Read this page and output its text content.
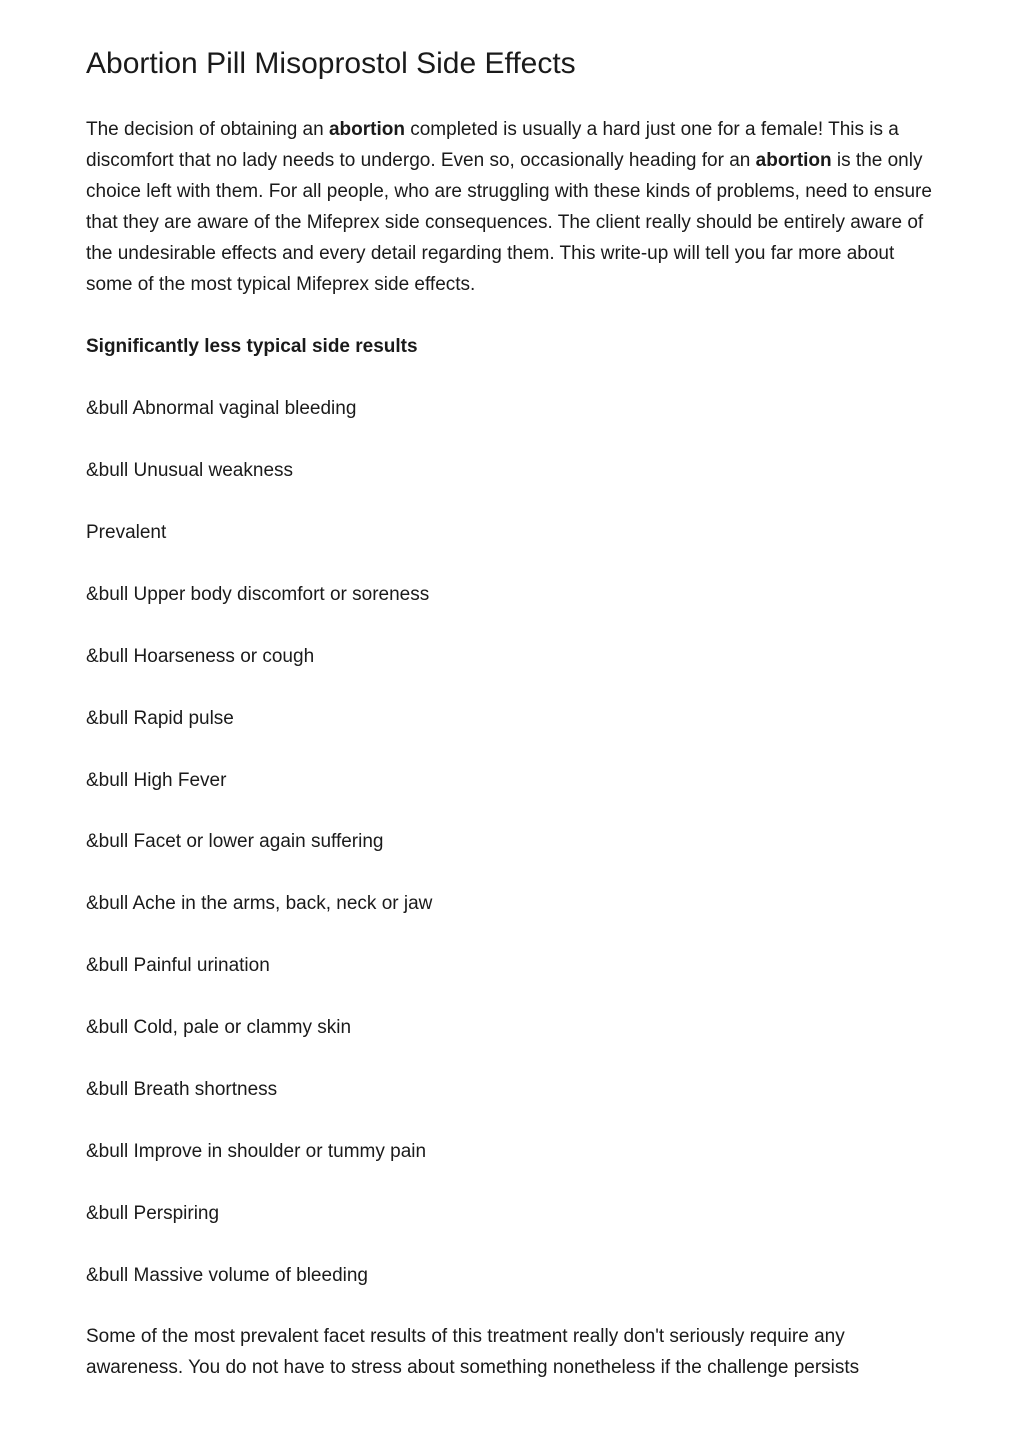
Abortion Pill Misoprostol Side Effects

The decision of obtaining an abortion completed is usually a hard just one for a female! This is a discomfort that no lady needs to undergo. Even so, occasionally heading for an abortion is the only choice left with them. For all people, who are struggling with these kinds of problems, need to ensure that they are aware of the Mifeprex side consequences. The client really should be entirely aware of the undesirable effects and every detail regarding them. This write-up will tell you far more about some of the most typical Mifeprex side effects.

Significantly less typical side results

&bull Abnormal vaginal bleeding

&bull Unusual weakness

Prevalent

&bull Upper body discomfort or soreness

&bull Hoarseness or cough

&bull Rapid pulse

&bull High Fever

&bull Facet or lower again suffering

&bull Ache in the arms, back, neck or jaw

&bull Painful urination

&bull Cold, pale or clammy skin

&bull Breath shortness

&bull Improve in shoulder or tummy pain

&bull Perspiring

&bull Massive volume of bleeding

Some of the most prevalent facet results of this treatment really don't seriously require any awareness. You do not have to stress about something nonetheless if the challenge persists
